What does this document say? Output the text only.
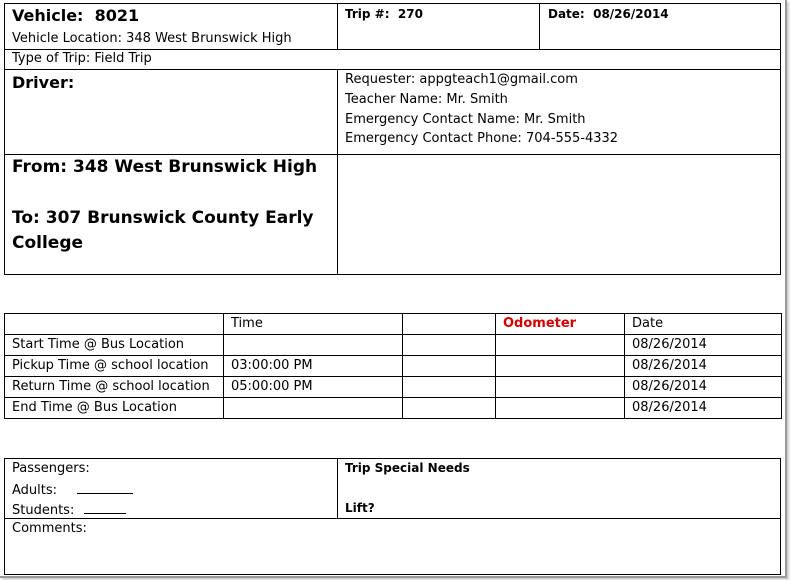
Vehicle: 8021
Vehicle Location: 348 West Brunswick High
Trip #: 270	Date: 08/26/2014
Type of Trip: Field Trip
Driver:	Requester: appgteach1@gmail.com
Teacher Name: Mr. Smith
Emergency Contact Name: Mr. Smith
Emergency Contact Phone: 704-555-4332
From: 348 West Brunswick High
To: 307 Brunswick County Early
College
	Time		Odometer	Date
Start Time @ Bus Location				08/26/2014
Pickup Time @ school location	03:00:00 PM			08/26/2014
Return Time @ school location	05:00:00 PM			08/26/2014
End Time @ Bus Location				08/26/2014
Passengers:
Adults:
Students:
Trip Special Needs
Lift?
Comments:
